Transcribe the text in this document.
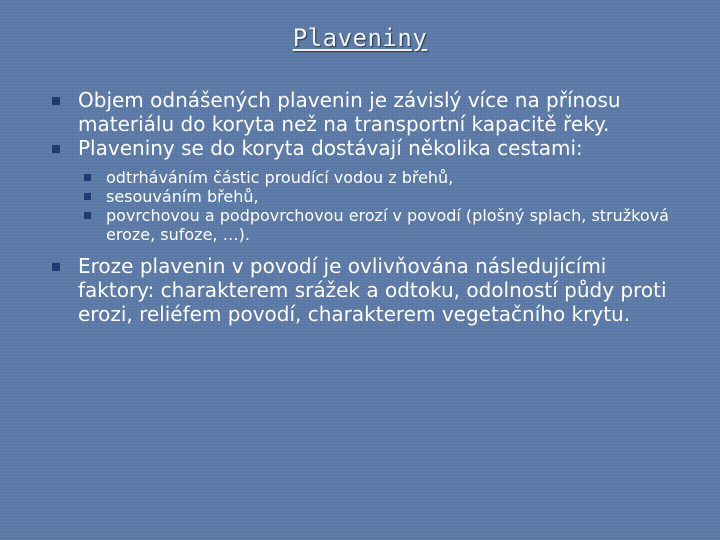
Plaveniny
Objem odnášených plavenin je závislý více na přínosu materiálu do koryta než na transportní kapacitě řeky.
Plaveniny se do koryta dostávají několika cestami:
odtrháváním částic proudící vodou z břehů,
sesouváním břehů,
povrchovou a podpovrchovou erozí v povodí (plošný splach, stružková eroze, sufoze, …).
Eroze plavenin v povodí je ovlivňována následujícími faktory: charakterem srážek a odtoku, odolností půdy proti erozi, reliéfem povodí, charakterem vegetačního krytu.
